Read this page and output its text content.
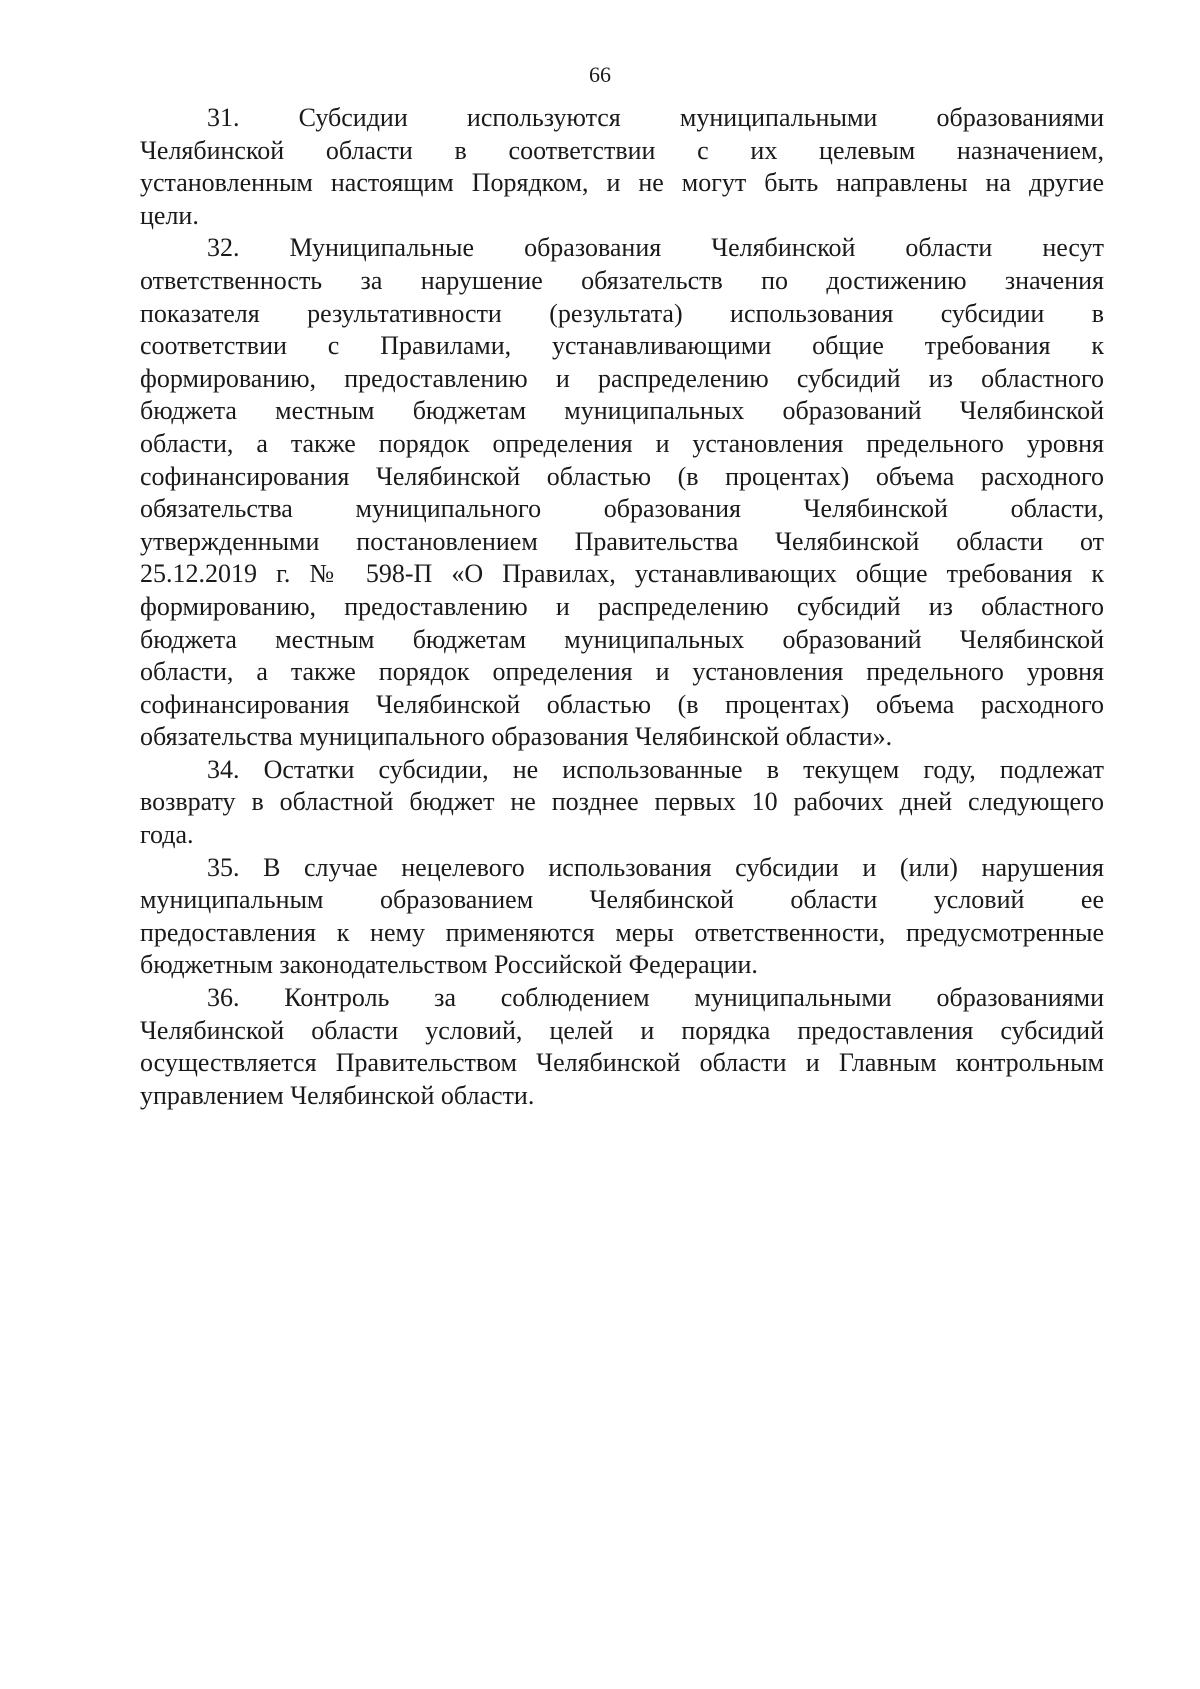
66

31. Субсидии используются муниципальными образованиями
Челябинской области в соответствии с их целевым назначением,
установленным настоящим Порядком, и не могут быть направлены на другие
цели.

32. Муниципальные образования Челябинской области несут
ответственность за нарушение обязательств по достижению значения
показателя результативности (результата) использования субсидии в
соответствии с Правилами, устанавливающими общие требования к
формированию, предоставлению и распределению субсидий из областного
бюджета местным бюджетам муниципальных образований Челябинской
области, а также порядок определения и установления предельного уровня
софинансирования Челябинской областью (в процентах) объема расходного
обязательства муниципального образования Челябинской области,
утвержденными постановлением Правительства Челябинской области от
25.12.2019 г. № 598-П «О Правилах, устанавливающих общие требования к
формированию, предоставлению и распределению субсидий из областного
бюджета местным бюджетам муниципальных образований Челябинской
области, а также порядок определения и установления предельного уровня
софинансирования Челябинской областью (в процентах) объема расходного
обязательства муниципального образования Челябинской области».

34. Остатки субсидии, не использованные в текущем году, подлежат
возврату в областной бюджет не позднее первых 10 рабочих дней следующего
года.

35. В случае нецелевого использования субсидии и (или) нарушения
муниципальным образованием Челябинской области условий ее
предоставления к нему применяются меры ответственности, предусмотренные
бюджетным законодательством Российской Федерации.

36. Контроль за соблюдением муниципальными образованиями
Челябинской области условий, целей и порядка предоставления субсидий
осуществляется Правительством Челябинской области и Главным контрольным
управлением Челябинской области.
